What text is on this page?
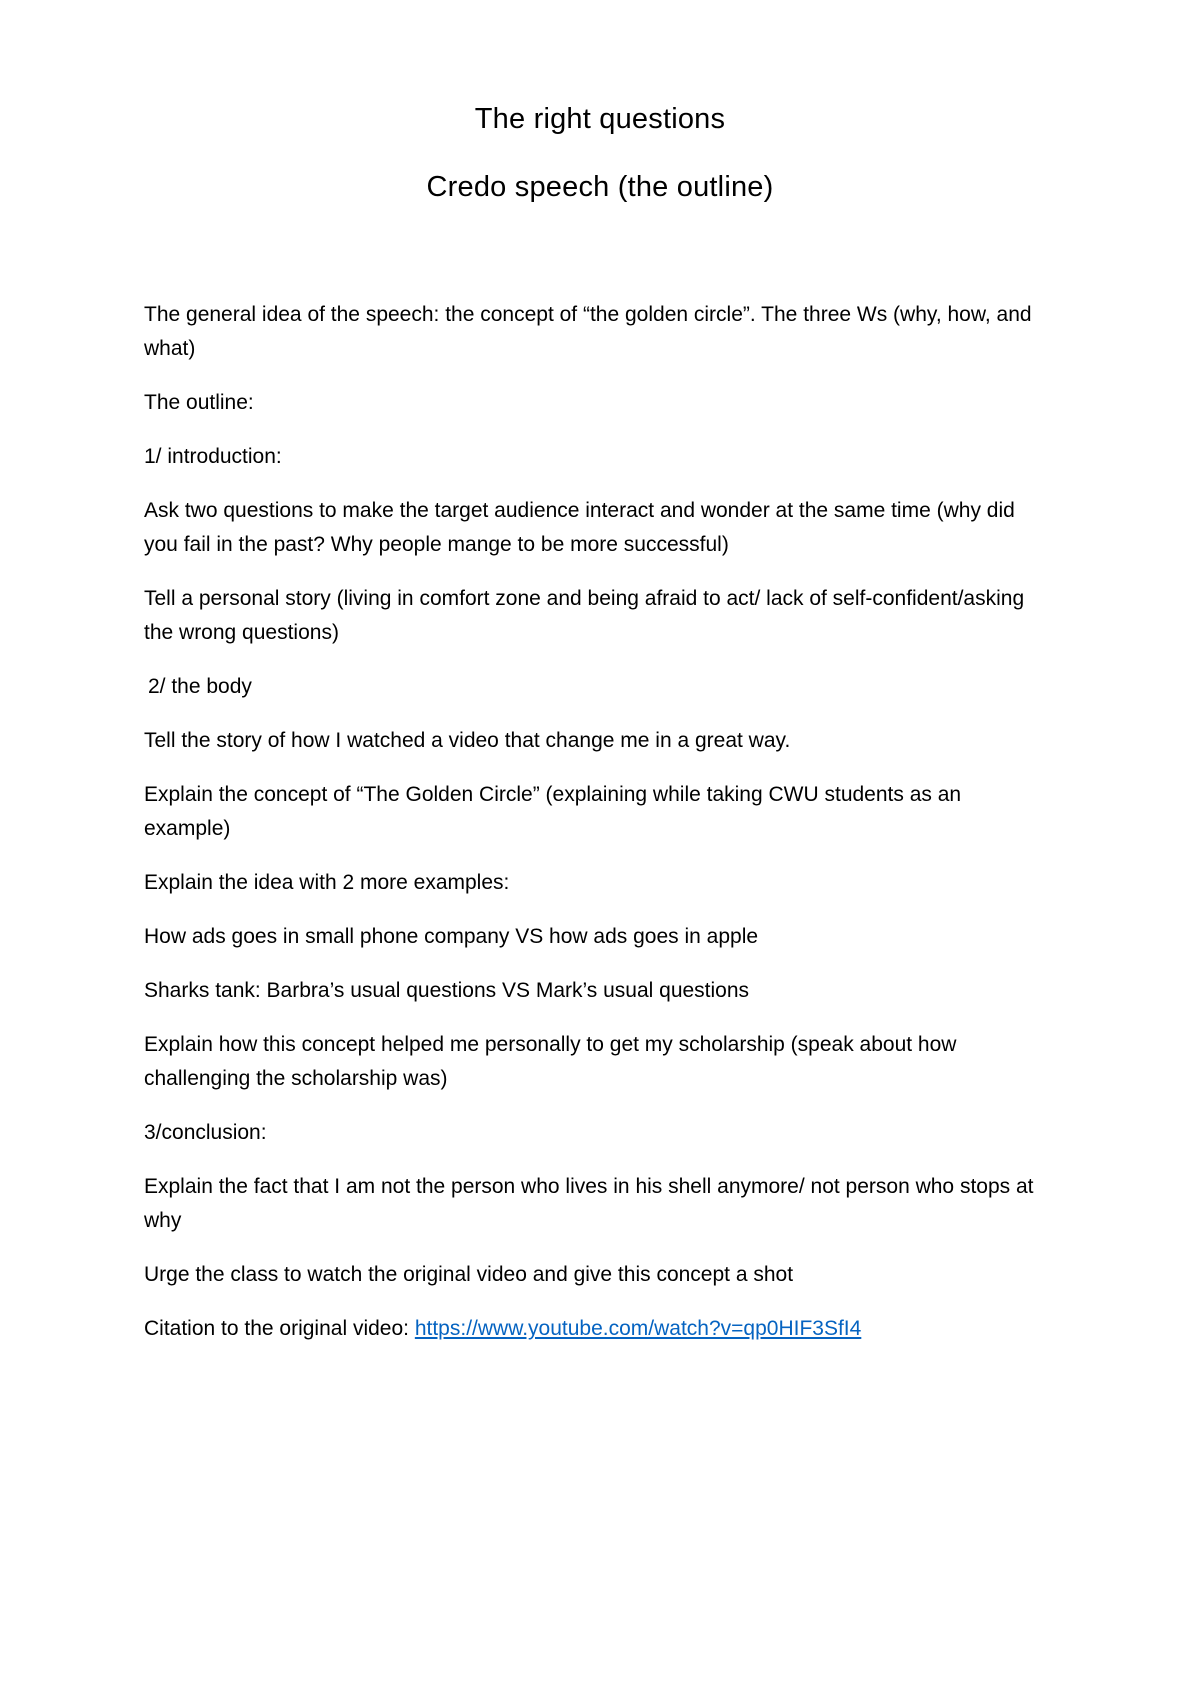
The right questions
Credo speech (the outline)

The general idea of the speech: the concept of “the golden circle”. The three Ws (why, how, and what)

The outline:

1/ introduction:

Ask two questions to make the target audience interact and wonder at the same time (why did you fail in the past? Why people mange to be more successful)

Tell a personal story (living in comfort zone and being afraid to act/ lack of self-confident/asking the wrong questions)

2/ the body

Tell the story of how I watched a video that change me in a great way.

Explain the concept of “The Golden Circle” (explaining while taking CWU students as an example)

Explain the idea with 2 more examples:

How ads goes in small phone company VS how ads goes in apple

Sharks tank: Barbra’s usual questions VS Mark’s usual questions

Explain how this concept helped me personally to get my scholarship (speak about how challenging the scholarship was)

3/conclusion:

Explain the fact that I am not the person who lives in his shell anymore/ not person who stops at why

Urge the class to watch the original video and give this concept a shot

Citation to the original video: https://www.youtube.com/watch?v=qp0HIF3SfI4
